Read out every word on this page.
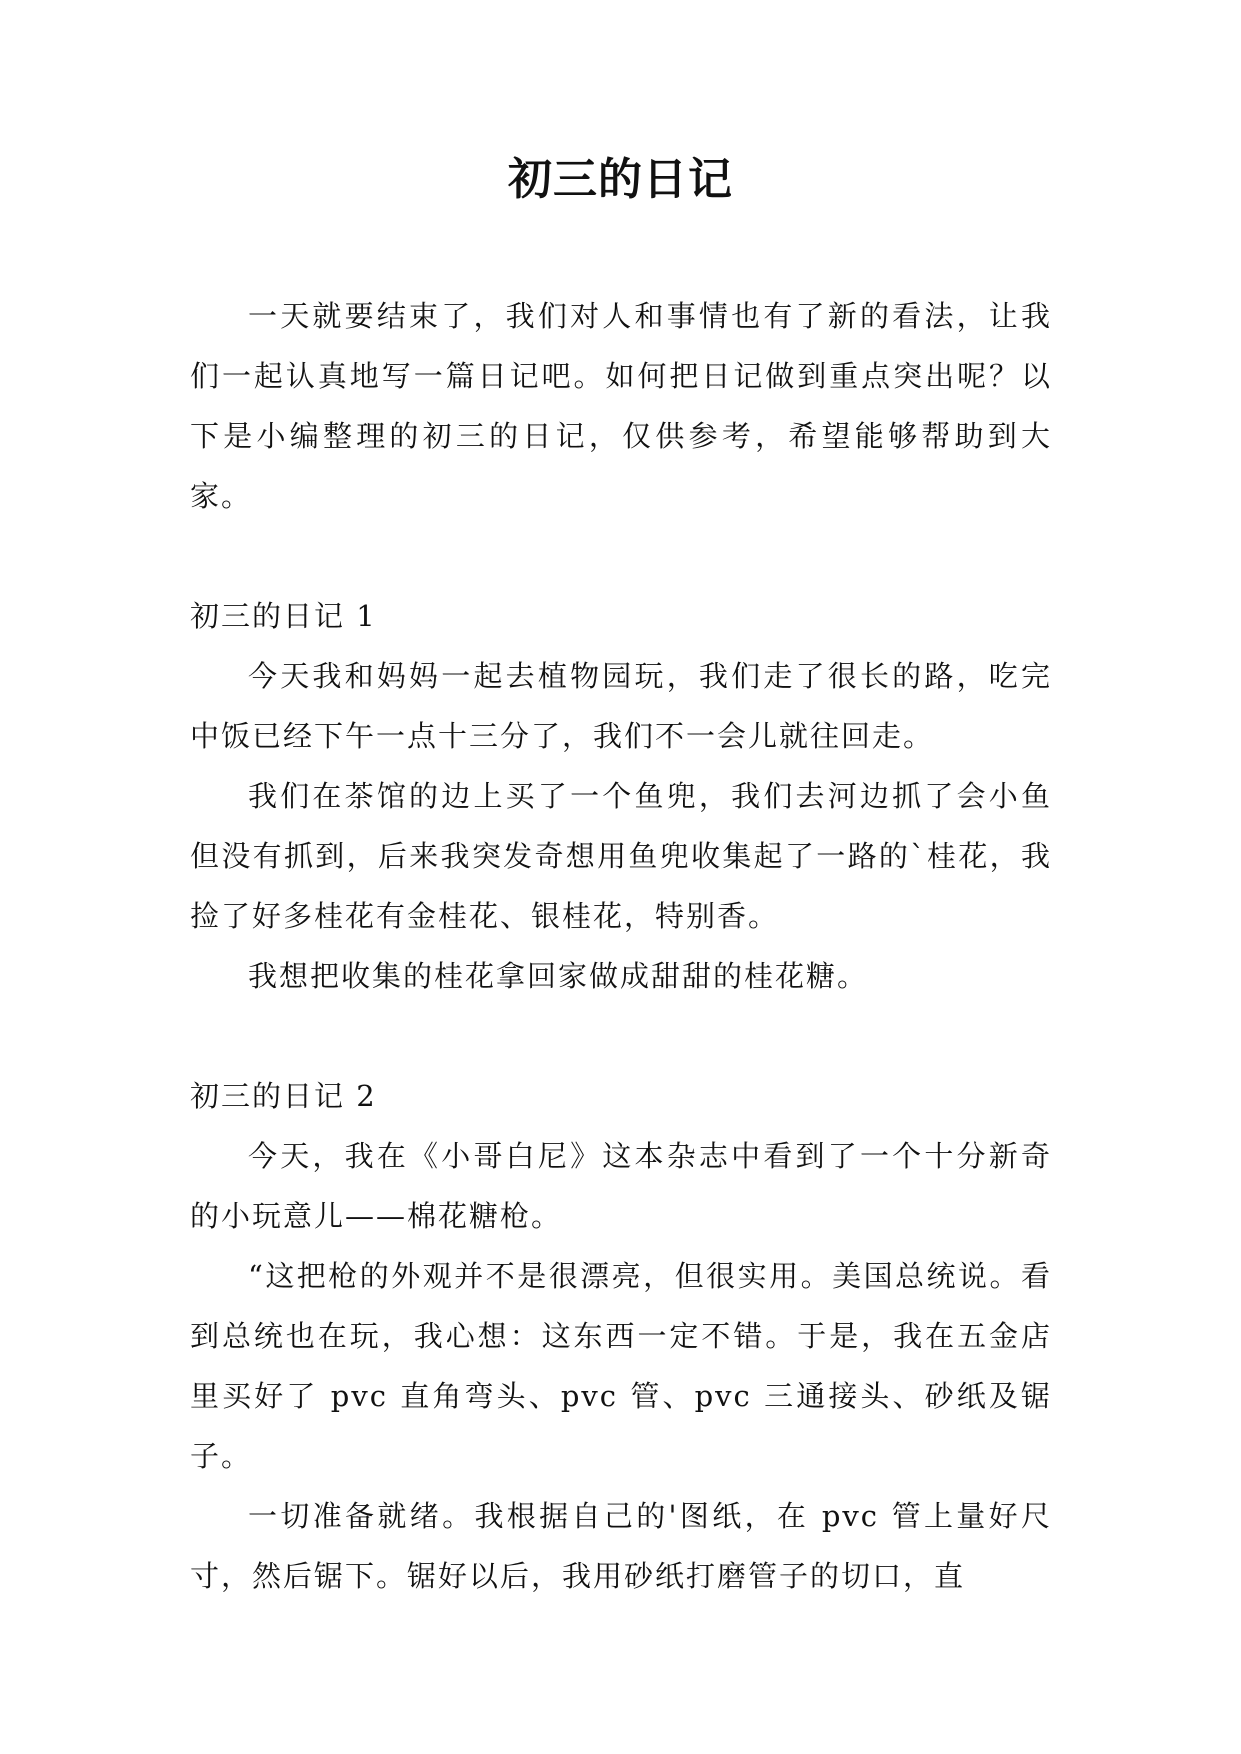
初三的日记

一天就要结束了，我们对人和事情也有了新的看法，让我们一起认真地写一篇日记吧。如何把日记做到重点突出呢？以下是小编整理的初三的日记，仅供参考，希望能够帮助到大家。

初三的日记 1

今天我和妈妈一起去植物园玩，我们走了很长的路，吃完中饭已经下午一点十三分了，我们不一会儿就往回走。

我们在茶馆的边上买了一个鱼兜，我们去河边抓了会小鱼但没有抓到，后来我突发奇想用鱼兜收集起了一路的`桂花，我捡了好多桂花有金桂花、银桂花，特别香。

我想把收集的桂花拿回家做成甜甜的桂花糖。

初三的日记 2

今天，我在《小哥白尼》这本杂志中看到了一个十分新奇的小玩意儿——棉花糖枪。

“这把枪的外观并不是很漂亮，但很实用。美国总统说。看到总统也在玩，我心想：这东西一定不错。于是，我在五金店里买好了 pvc 直角弯头、pvc 管、pvc 三通接头、砂纸及锯子。

一切准备就绪。我根据自己的'图纸，在 pvc 管上量好尺寸，然后锯下。锯好以后，我用砂纸打磨管子的切口，直
